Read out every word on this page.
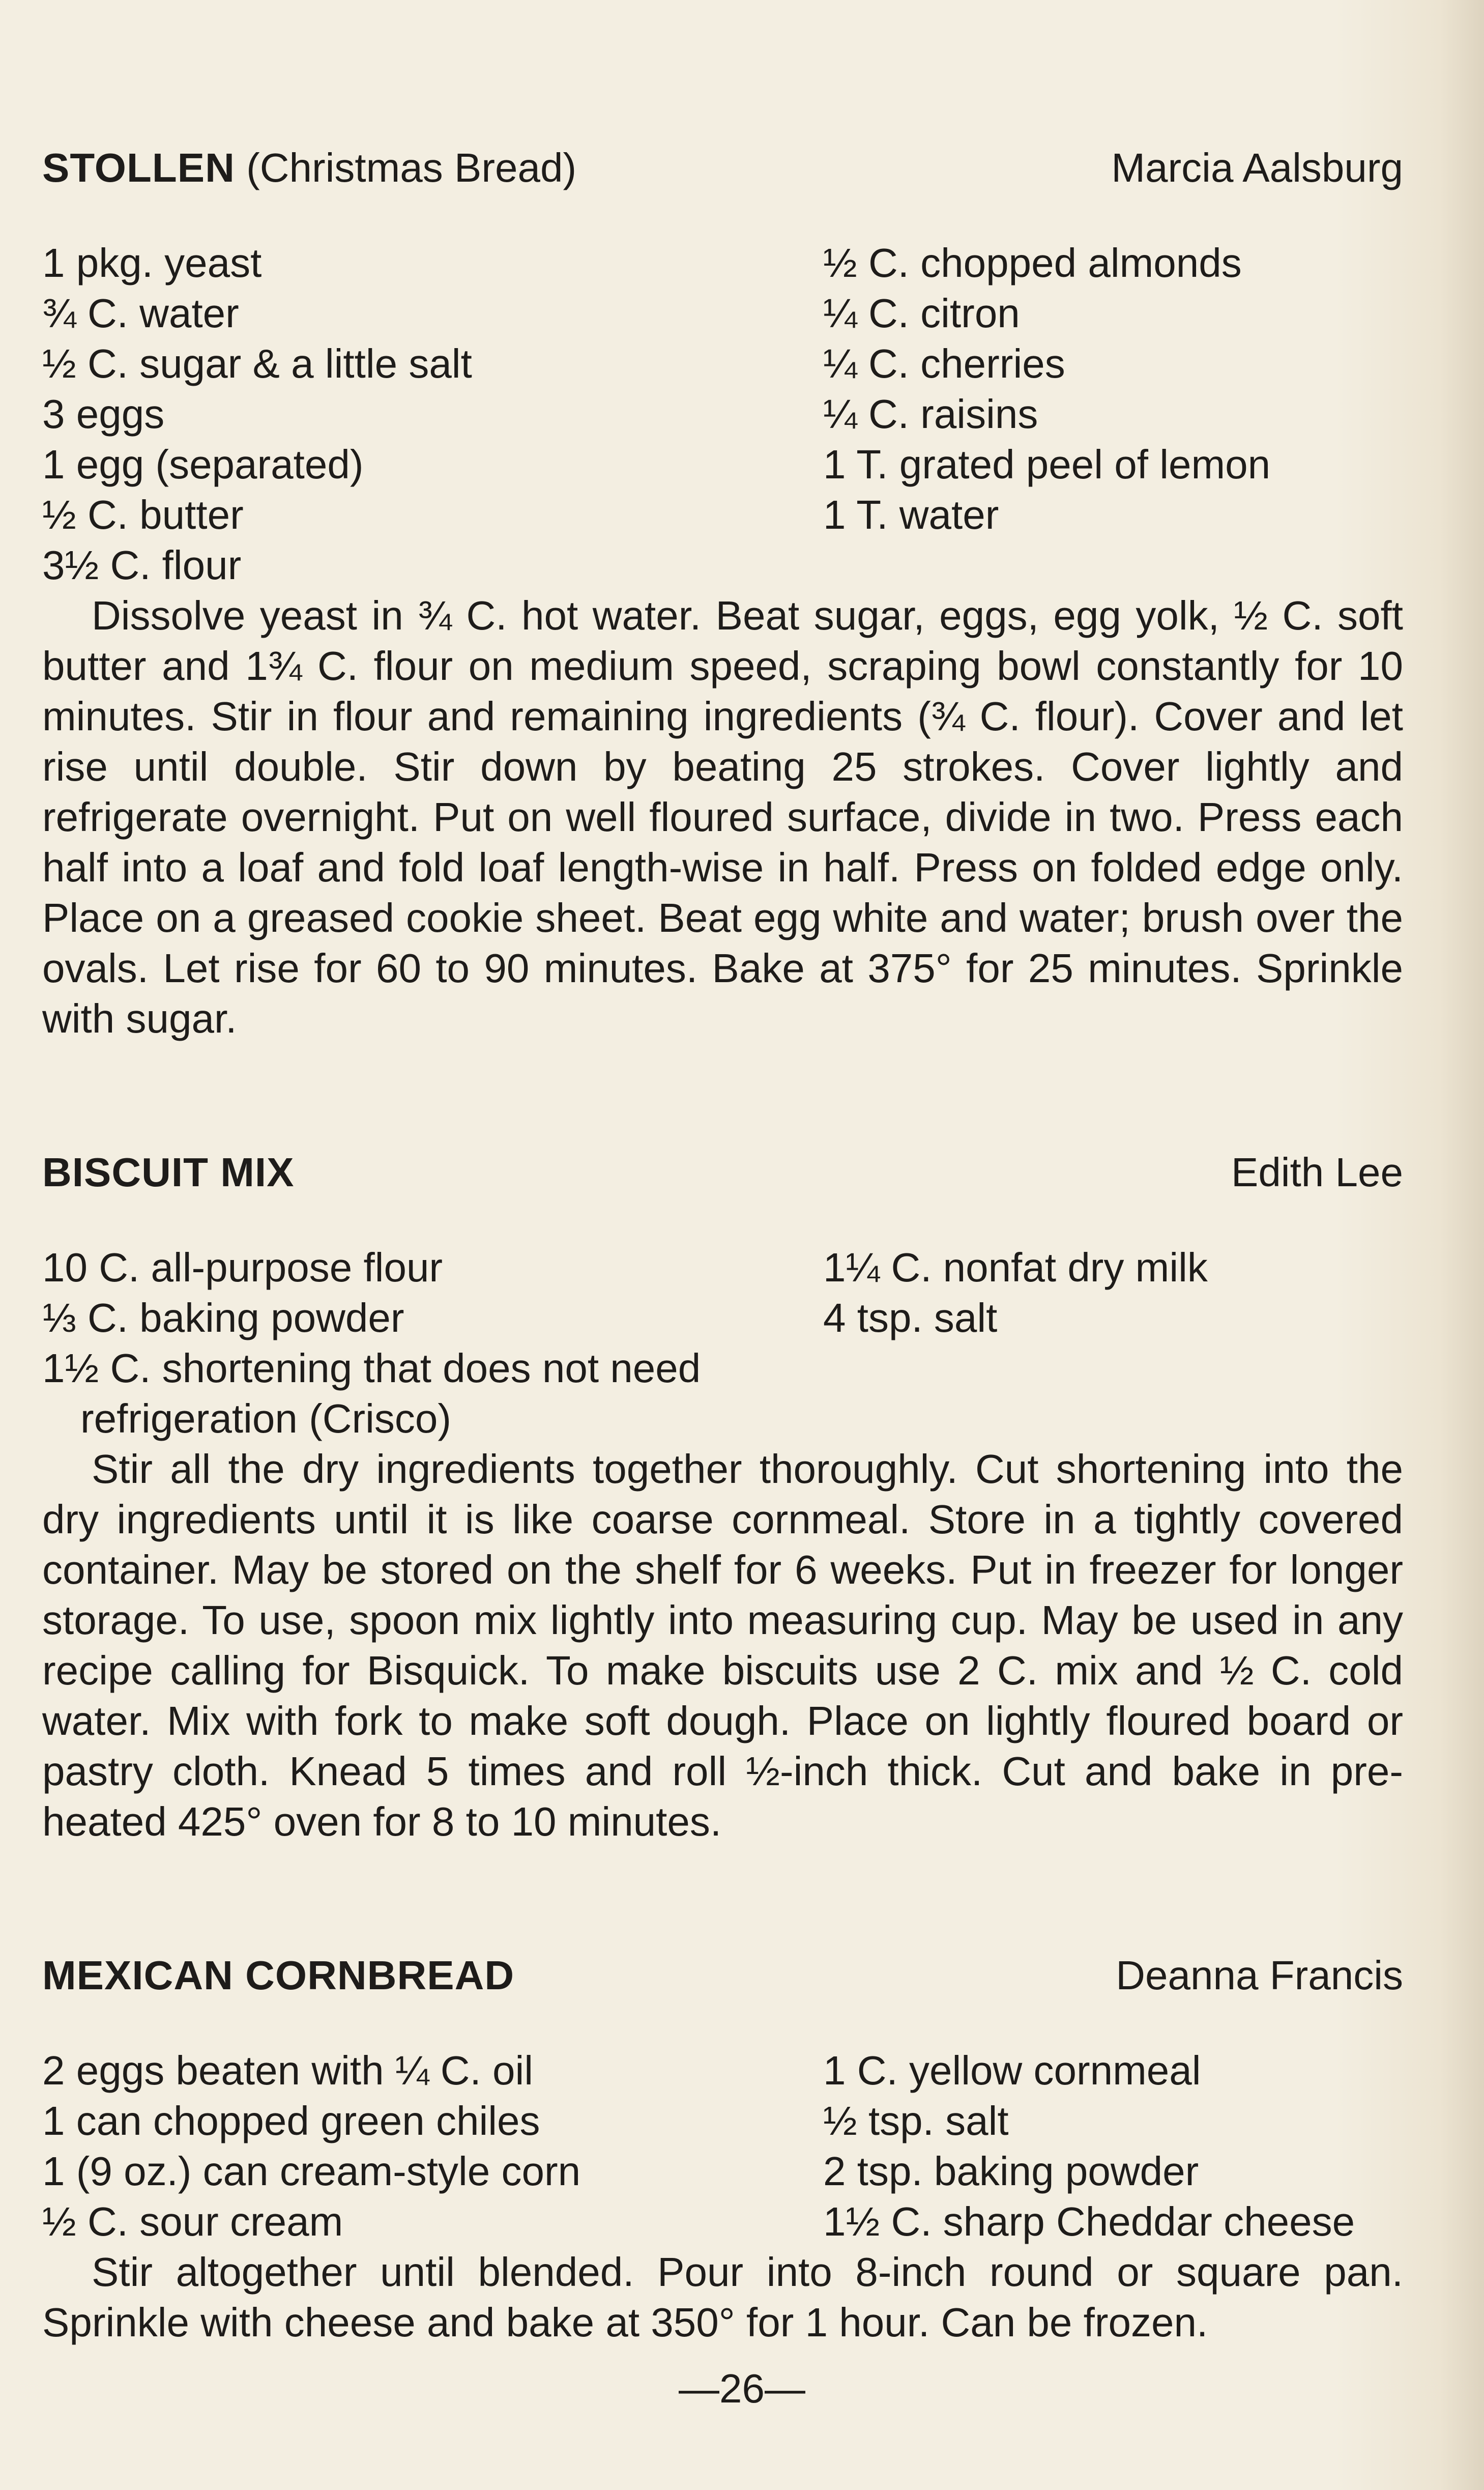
STOLLEN (Christmas Bread)	Marcia Aalsburg
1 pkg. yeast
¾ C. water
½ C. sugar & a little salt
3 eggs
1 egg (separated)
½ C. butter
3½ C. flour
½ C. chopped almonds
¼ C. citron
¼ C. cherries
¼ C. raisins
1 T. grated peel of lemon
1 T. water

Dissolve yeast in ¾ C. hot water. Beat sugar, eggs, egg yolk, ½ C. soft butter and 1¾ C. flour on medium speed, scraping bowl constantly for 10 minutes. Stir in flour and remaining ingredients (¾ C. flour). Cover and let rise until double. Stir down by beating 25 strokes. Cover lightly and refrigerate overnight. Put on well floured surface, divide in two. Press each half into a loaf and fold loaf length-wise in half. Press on folded edge only. Place on a greased cookie sheet. Beat egg white and water; brush over the ovals. Let rise for 60 to 90 minutes. Bake at 375° for 25 minutes. Sprinkle with sugar.

BISCUIT MIX	Edith Lee
10 C. all-purpose flour
⅓ C. baking powder
1½ C. shortening that does not need refrigeration (Crisco)
1¼ C. nonfat dry milk
4 tsp. salt

Stir all the dry ingredients together thoroughly. Cut shortening into the dry ingredients until it is like coarse cornmeal. Store in a tightly covered container. May be stored on the shelf for 6 weeks. Put in freezer for longer storage. To use, spoon mix lightly into measuring cup. May be used in any recipe calling for Bisquick. To make biscuits use 2 C. mix and ½ C. cold water. Mix with fork to make soft dough. Place on lightly floured board or pastry cloth. Knead 5 times and roll ½-inch thick. Cut and bake in pre-heated 425° oven for 8 to 10 minutes.

MEXICAN CORNBREAD	Deanna Francis
2 eggs beaten with ¼ C. oil
1 can chopped green chiles
1 (9 oz.) can cream-style corn
½ C. sour cream
1 C. yellow cornmeal
½ tsp. salt
2 tsp. baking powder
1½ C. sharp Cheddar cheese

Stir altogether until blended. Pour into 8-inch round or square pan. Sprinkle with cheese and bake at 350° for 1 hour. Can be frozen.

—26—
